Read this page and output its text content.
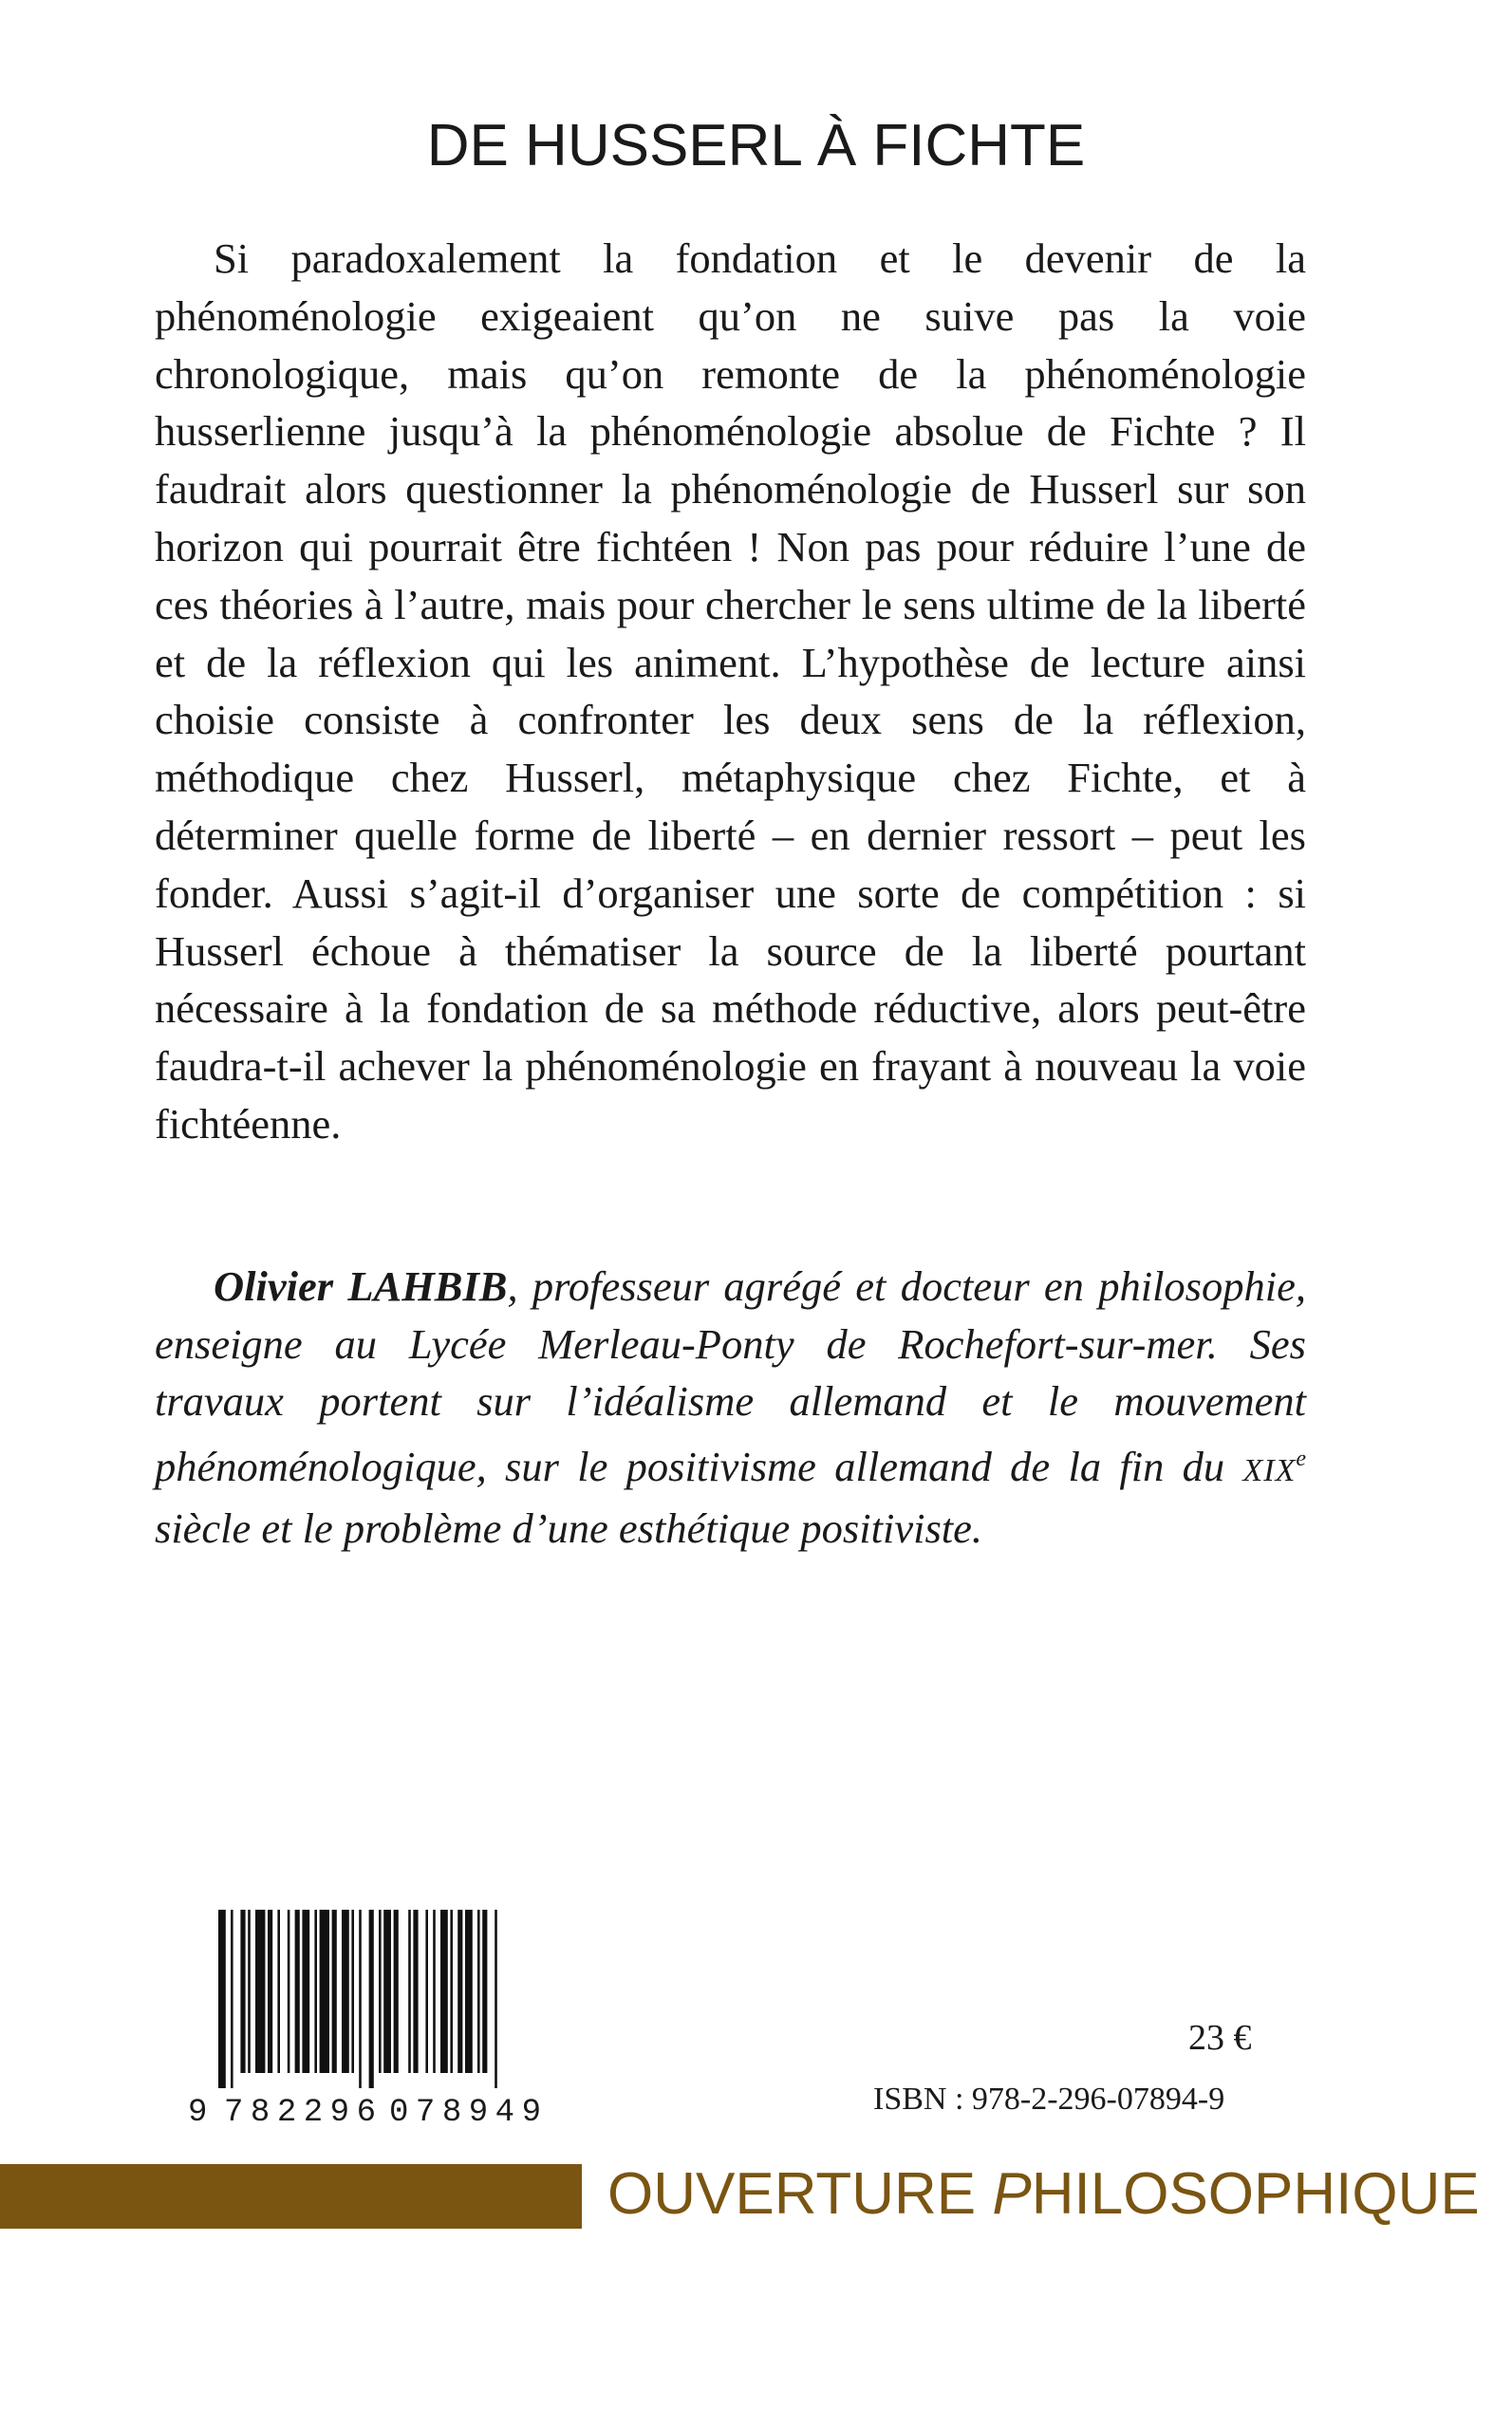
DE HUSSERL À FICHTE

Si paradoxalement la fondation et le devenir de la phénoménologie exigeaient qu’on ne suive pas la voie chronologique, mais qu’on remonte de la phénoménologie husserlienne jusqu’à la phénoménologie absolue de Fichte ? Il faudrait alors questionner la phénoménologie de Husserl sur son horizon qui pourrait être fichtéen ! Non pas pour réduire l’une de ces théories à l’autre, mais pour chercher le sens ultime de la liberté et de la réflexion qui les animent. L’hypothèse de lecture ainsi choisie consiste à confronter les deux sens de la réflexion, méthodique chez Husserl, métaphysique chez Fichte, et à déterminer quelle forme de liberté – en dernier ressort – peut les fonder. Aussi s’agit-il d’organiser une sorte de compétition : si Husserl échoue à thématiser la source de la liberté pourtant nécessaire à la fondation de sa méthode réductive, alors peut-être faudra-t-il achever la phénoménologie en frayant à nouveau la voie fichtéenne.

Olivier LAHBIB, professeur agrégé et docteur en philosophie, enseigne au Lycée Merleau-Ponty de Rochefort-sur-mer. Ses travaux portent sur l’idéalisme allemand et le mouvement phénoménologique, sur le positivisme allemand de la fin du XIXe siècle et le problème d’une esthétique positiviste.

9 782296 078949
23 €
ISBN : 978-2-296-07894-9
OUVERTURE PHILOSOPHIQUE
